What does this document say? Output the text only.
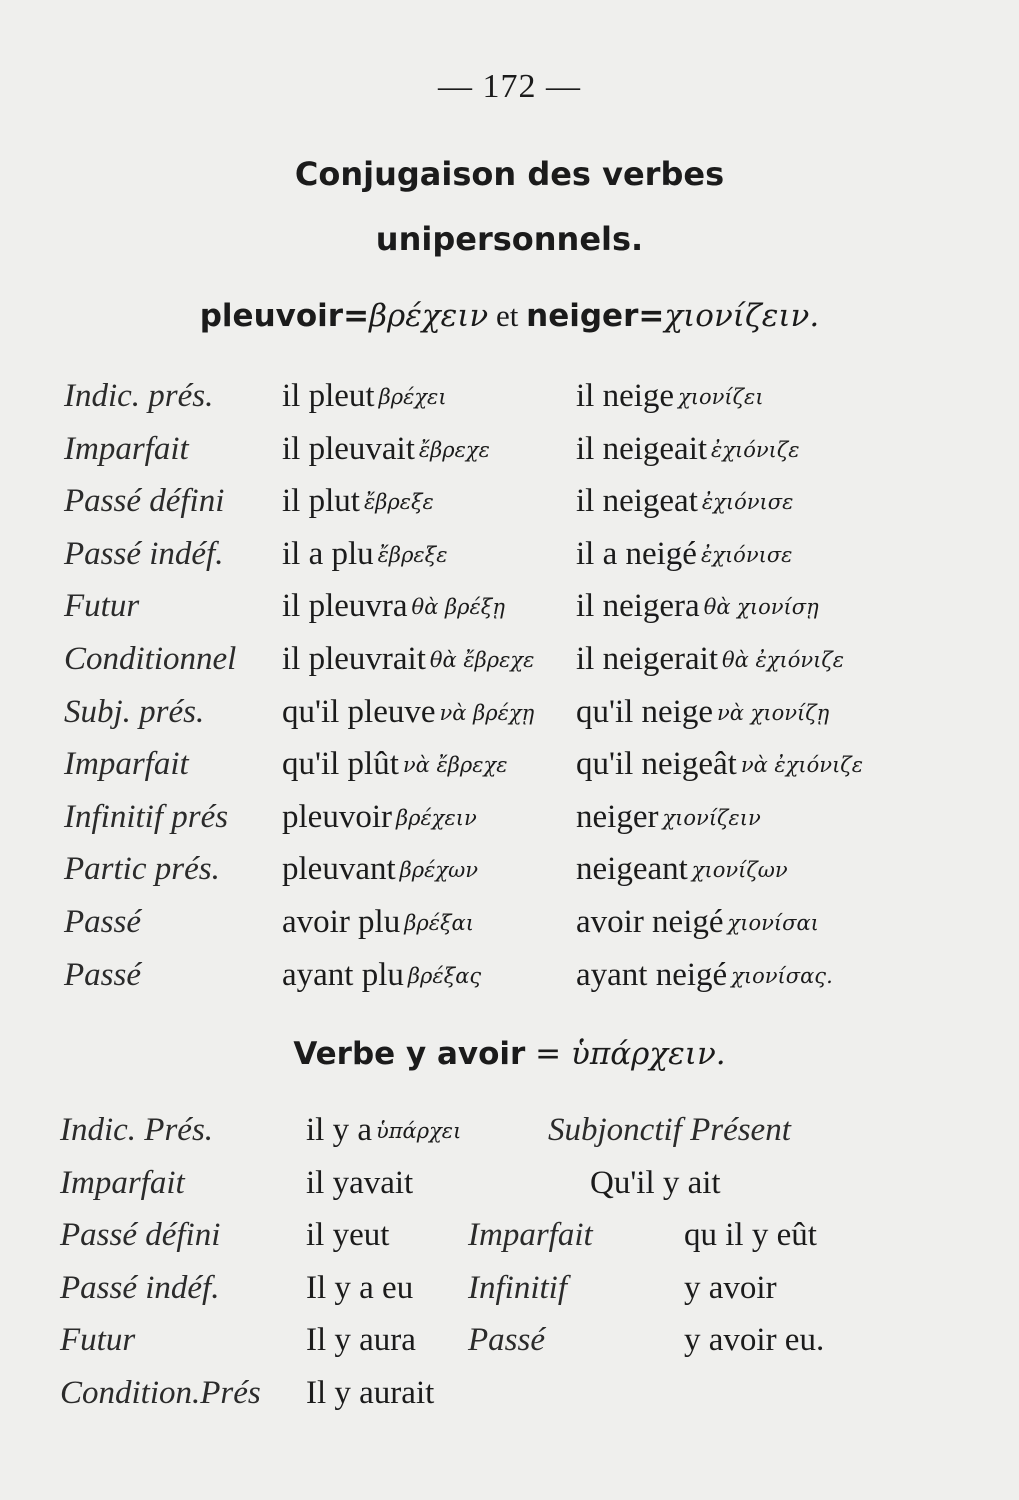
— 172 —
Conjugaison des verbes
unipersonnels.
pleuvoir=βρέχειν et neiger=χιονίζειν.
Indic. prés. il pleut βρέχει	il neige χιονίζει
Imparfait	il pleuvait ἔβρεχε	il neigeait ἐχιόνιζε
Passé défini il plut ἔβρεξε	il neigeat ἐχιόνισε
Passé indéf. il a plu ἔβρεξε	il a neigé ἐχιόνισε
Futur	il pleuvra θὰ βρέξῃ il neigera θὰ χιονίσῃ
Conditionnel il pleuvrait θὰ ἔβρεχε il neigerait θὰ ἐχιόνιζε
Subj. prés. qu'il pleuve νὰ βρέχῃ qu'il neige νὰ χιονίζῃ
Imparfait	qu'il plût νὰ ἔβρεχε qu'il neigeât νὰ ἐχιόνιζε
Infinitif prés pleuvoir βρέχειν	neiger χιονίζειν
Partic prés. pleuvant βρέχων	neigeant χιονίζων
Passé	avoir plu βρέξαι	avoir neigé χιονίσαι
Passé	ayant plu βρέξας	ayant neigé χιονίσας.
Verbe y avoir = ὑπάρχειν.
Indic. Prés.	il y a ὑπάρχει	Subjonctif Présent
Imparfait	il yavait	Qu'il y ait
Passé défini	il yeut Imparfait	qu il y eût
Passé indéf.	Il y a eu Infinitif	y avoir
Futur	Il y aura Passé	y avoir eu.
Condition.Prés Il y aurait
